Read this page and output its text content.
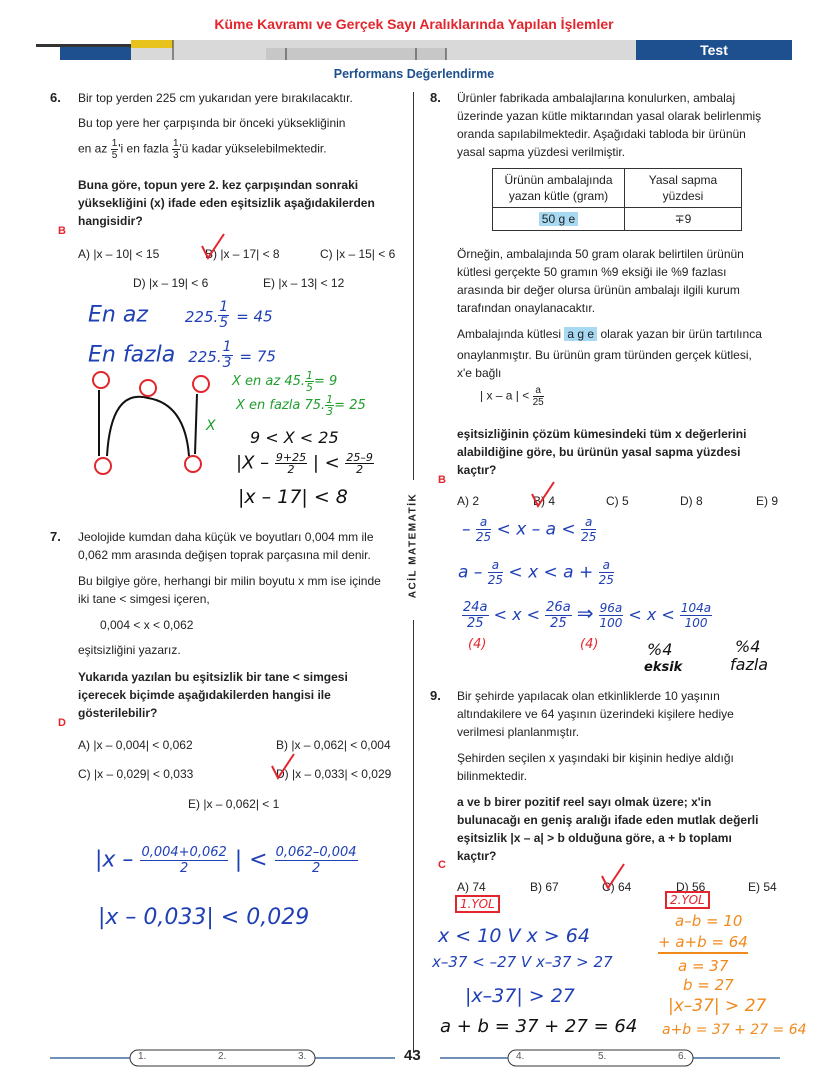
Küme Kavramı ve Gerçek Sayı Aralıklarında Yapılan İşlemler
Test
Performans Değerlendirme
ACİL MATEMATİK
6. Bir top yerden 225 cm yukarıdan yere bırakılacaktır.
Bu top yere her çarpışında bir önceki yüksekliğinin
en az $\frac{1}{5}$ 'i en fazla $\frac{1}{3}$ 'ü kadar yükselebilmektedir.
Buna göre, topun yere 2. kez çarpışından sonraki
yüksekliğini (x) ifade eden eşitsizlik aşağıdakilerden
hangisidir?
B
A) |x – 10| < 15	B) |x – 17| < 8	C) |x – 15| < 6
D) |x – 19| < 6	E) |x – 13| < 12
En az 225. $\frac{1}{5} = 45$
En fazla 225. $\frac{1}{3} = 75$
X en az 45. $\frac{1}{5} = 9$
X en fazla 75. $\frac{1}{3} = 25$
X
9 < X < 25
$|X - \frac{9+25}{2}$ | < $\frac{25-9}{2}$
|x – 17| < 8
7. Jeolojide kumdan daha küçük ve boyutları 0,004 mm ile
0,062 mm arasında değişen toprak parçasına mil denir.
Bu bilgiye göre, herhangi bir milin boyutu x mm ise içinde
iki tane < simgesi içeren,
0,004 < x < 0,062
eşitsizliğini yazarız.
Yukarıda yazılan bu eşitsizlik bir tane < simgesi
içerecek biçimde aşağıdakilerden hangisi ile
gösterilebilir?
D
A) |x – 0,004| < 0,062	B) |x – 0,062| < 0,004
C) |x – 0,029| < 0,033	D) |x – 0,033| < 0,029
E) |x – 0,062| < 1
$|x - \frac{0,004+0,062}{2}$ | < $\frac{0,062-0,004}{2}$
|x – 0,033| < 0,029
8. Ürünler fabrikada ambalajlarına konulurken, ambalaj
üzerinde yazan kütle miktarından yasal olarak belirlenmiş
oranda sapılabilmektedir. Aşağıdaki tabloda bir ürünün
yasal sapma yüzdesi verilmiştir.
Ürünün ambalajında
yazan kütle (gram)	Yasal sapma
yüzdesi
50 g e	∓9
Örneğin, ambalajında 50 gram olarak belirtilen ürünün
kütlesi gerçekte 50 gramın %9 eksiği ile %9 fazlası
arasında bir değer olursa ürünün ambalajı ilgili kurum
tarafından onaylanacaktır.
Ambalajında kütlesi a g e olarak yazan bir ürün tartılınca
onaylanmıştır. Bu ürünün gram türünden gerçek kütlesi,
x'e bağlı
| x – a | < $\frac{a}{25}$
eşitsizliğinin çözüm kümesindeki tüm x değerlerini
alabildiğine göre, bu ürünün yasal sapma yüzdesi
kaçtır?
B
A) 2	B) 4	C) 5	D) 8	E) 9
– $\frac{a}{25} < x - a < \frac{a}{25}$
$a - \frac{a}{25} < x < a + \frac{a}{25}$
$\frac{24a}{25} < x < \frac{26a}{25}$ ⇒ $\frac{96a}{100} < x < \frac{104a}{100}$
(4)	(4)	%4
eksik
%4
fazla
9. Bir şehirde yapılacak olan etkinliklerde 10 yaşının
altındakilere ve 64 yaşının üzerindeki kişilere hediye
verilmesi planlanmıştır.
Şehirden seçilen x yaşındaki bir kişinin hediye aldığı
bilinmektedir.
a ve b birer pozitif reel sayı olmak üzere; x'in
bulunacağı en geniş aralığı ifade eden mutlak değerli
eşitsizlik |x – a| > b olduğuna göre, a + b toplamı
kaçtır?
C
A) 74	B) 67	C) 64	D) 56	E) 54
1.YOL	2.YOL
x < 10 V x > 64
x–37 < –27 V x–37 > 27
|x–37| > 27
a + b = 37 + 27 = 64
a–b = 10
+ a+b = 64
a = 37
b = 27
|x–37| > 27
a+b = 37 + 27 = 64
1.	2.	3.	43	4.	5.	6.
